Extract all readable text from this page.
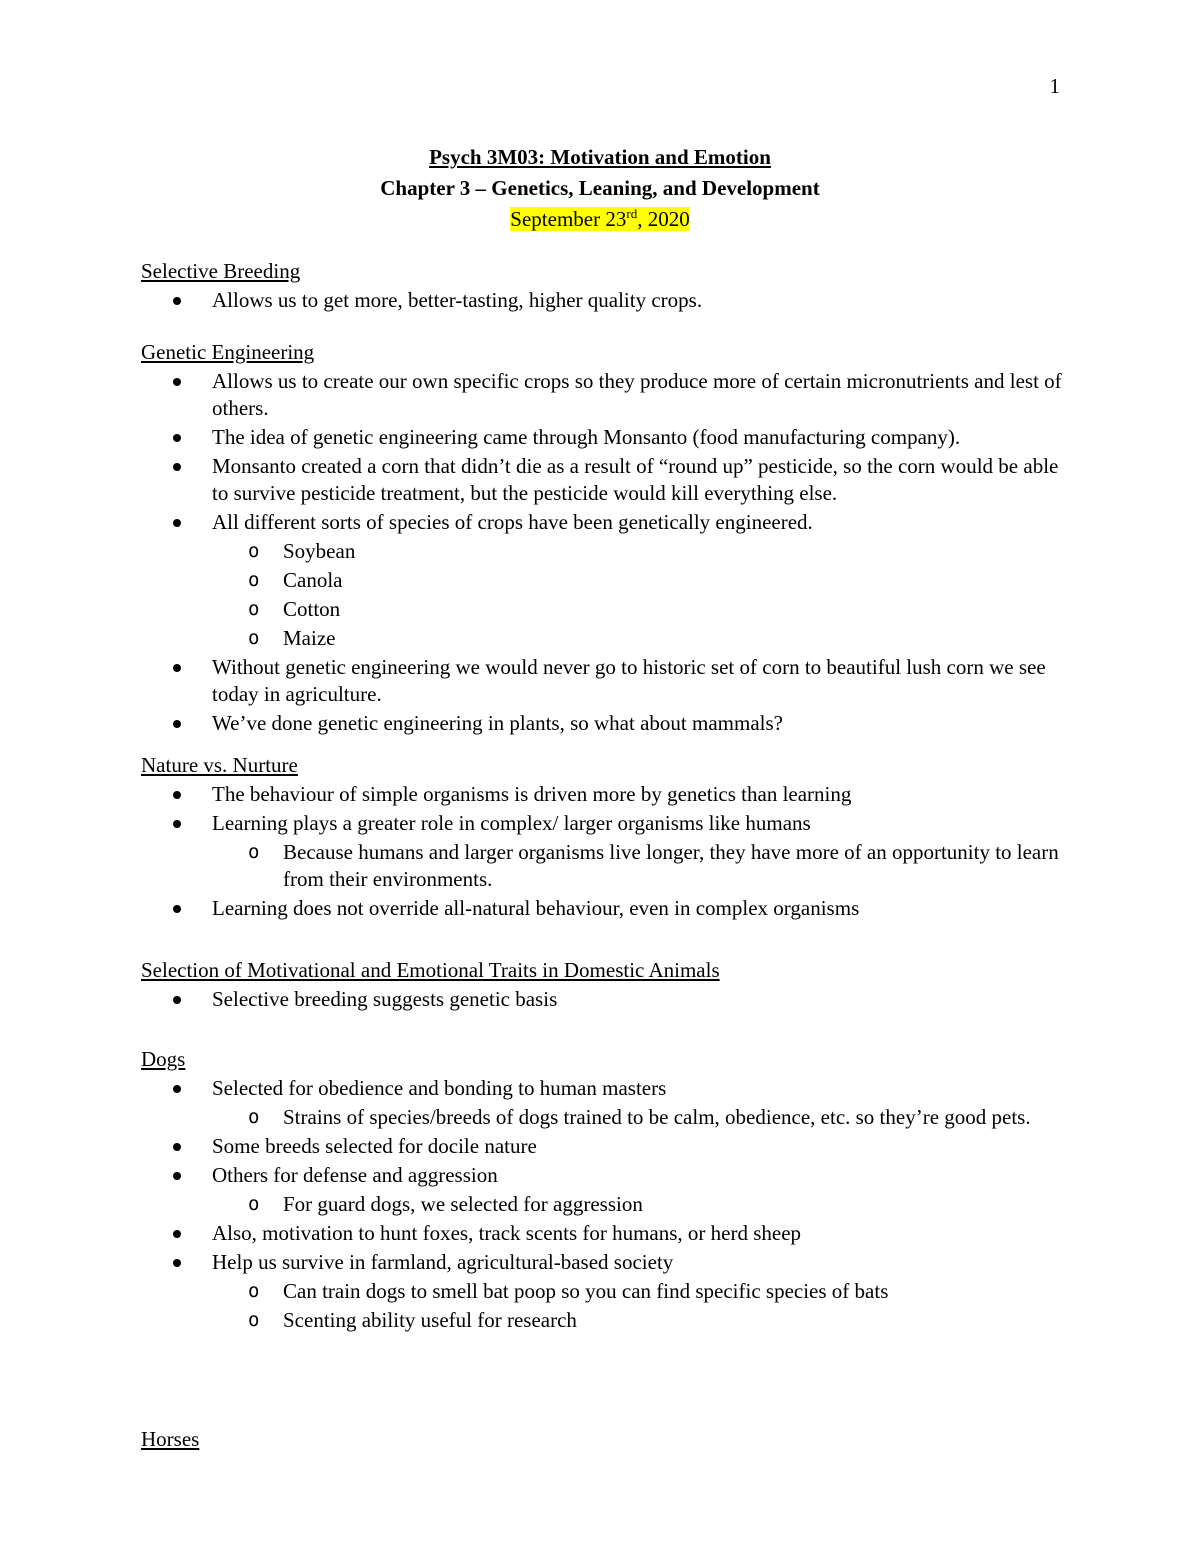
1
Psych 3M03: Motivation and Emotion
Chapter 3 – Genetics, Leaning, and Development
September 23rd, 2020
Selective Breeding
Allows us to get more, better-tasting, higher quality crops.
Genetic Engineering
Allows us to create our own specific crops so they produce more of certain micronutrients and lest of others.
The idea of genetic engineering came through Monsanto (food manufacturing company).
Monsanto created a corn that didn’t die as a result of “round up” pesticide, so the corn would be able to survive pesticide treatment, but the pesticide would kill everything else.
All different sorts of species of crops have been genetically engineered.
o Soybean
o Canola
o Cotton
o Maize
Without genetic engineering we would never go to historic set of corn to beautiful lush corn we see today in agriculture.
We’ve done genetic engineering in plants, so what about mammals?
Nature vs. Nurture
The behaviour of simple organisms is driven more by genetics than learning
Learning plays a greater role in complex/ larger organisms like humans
o Because humans and larger organisms live longer, they have more of an opportunity to learn from their environments.
Learning does not override all-natural behaviour, even in complex organisms
Selection of Motivational and Emotional Traits in Domestic Animals
Selective breeding suggests genetic basis
Dogs
Selected for obedience and bonding to human masters
o Strains of species/breeds of dogs trained to be calm, obedience, etc. so they’re good pets.
Some breeds selected for docile nature
Others for defense and aggression
o For guard dogs, we selected for aggression
Also, motivation to hunt foxes, track scents for humans, or herd sheep
Help us survive in farmland, agricultural-based society
o Can train dogs to smell bat poop so you can find specific species of bats
o Scenting ability useful for research
Horses
